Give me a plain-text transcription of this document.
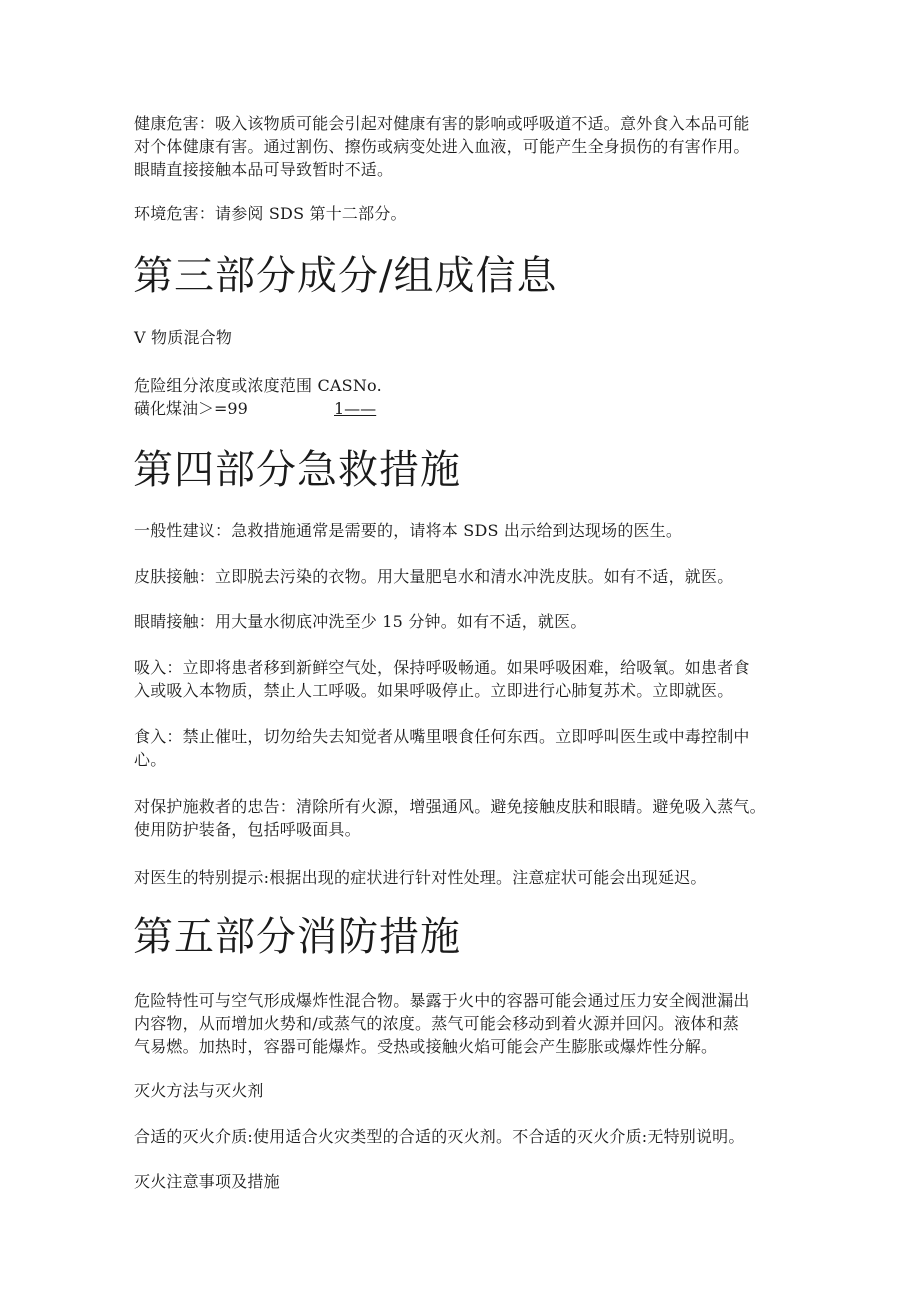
健康危害：吸入该物质可能会引起对健康有害的影响或呼吸道不适。意外食入本品可能
对个体健康有害。通过割伤、擦伤或病变处进入血液，可能产生全身损伤的有害作用。
眼睛直接接触本品可导致暂时不适。
环境危害：请参阅 SDS 第十二部分。
第三部分成分/组成信息
V 物质混合物
危险组分浓度或浓度范围 CASNo.
磺化煤油＞=99	1——
第四部分急救措施
一般性建议：急救措施通常是需要的，请将本 SDS 出示给到达现场的医生。
皮肤接触：立即脱去污染的衣物。用大量肥皂水和清水冲洗皮肤。如有不适，就医。
眼睛接触：用大量水彻底冲洗至少 15 分钟。如有不适，就医。
吸入：立即将患者移到新鲜空气处，保持呼吸畅通。如果呼吸困难，给吸氧。如患者食
入或吸入本物质，禁止人工呼吸。如果呼吸停止。立即进行心肺复苏术。立即就医。
食入：禁止催吐，切勿给失去知觉者从嘴里喂食任何东西。立即呼叫医生或中毒控制中
心。
对保护施救者的忠告：清除所有火源，增强通风。避免接触皮肤和眼睛。避免吸入蒸气。
使用防护装备，包括呼吸面具。
对医生的特别提示:根据出现的症状进行针对性处理。注意症状可能会出现延迟。
第五部分消防措施
危险特性可与空气形成爆炸性混合物。暴露于火中的容器可能会通过压力安全阀泄漏出
内容物，从而增加火势和/或蒸气的浓度。蒸气可能会移动到着火源并回闪。液体和蒸
气易燃。加热时，容器可能爆炸。受热或接触火焰可能会产生膨胀或爆炸性分解。
灭火方法与灭火剂
合适的灭火介质:使用适合火灾类型的合适的灭火剂。不合适的灭火介质:无特别说明。
灭火注意事项及措施
